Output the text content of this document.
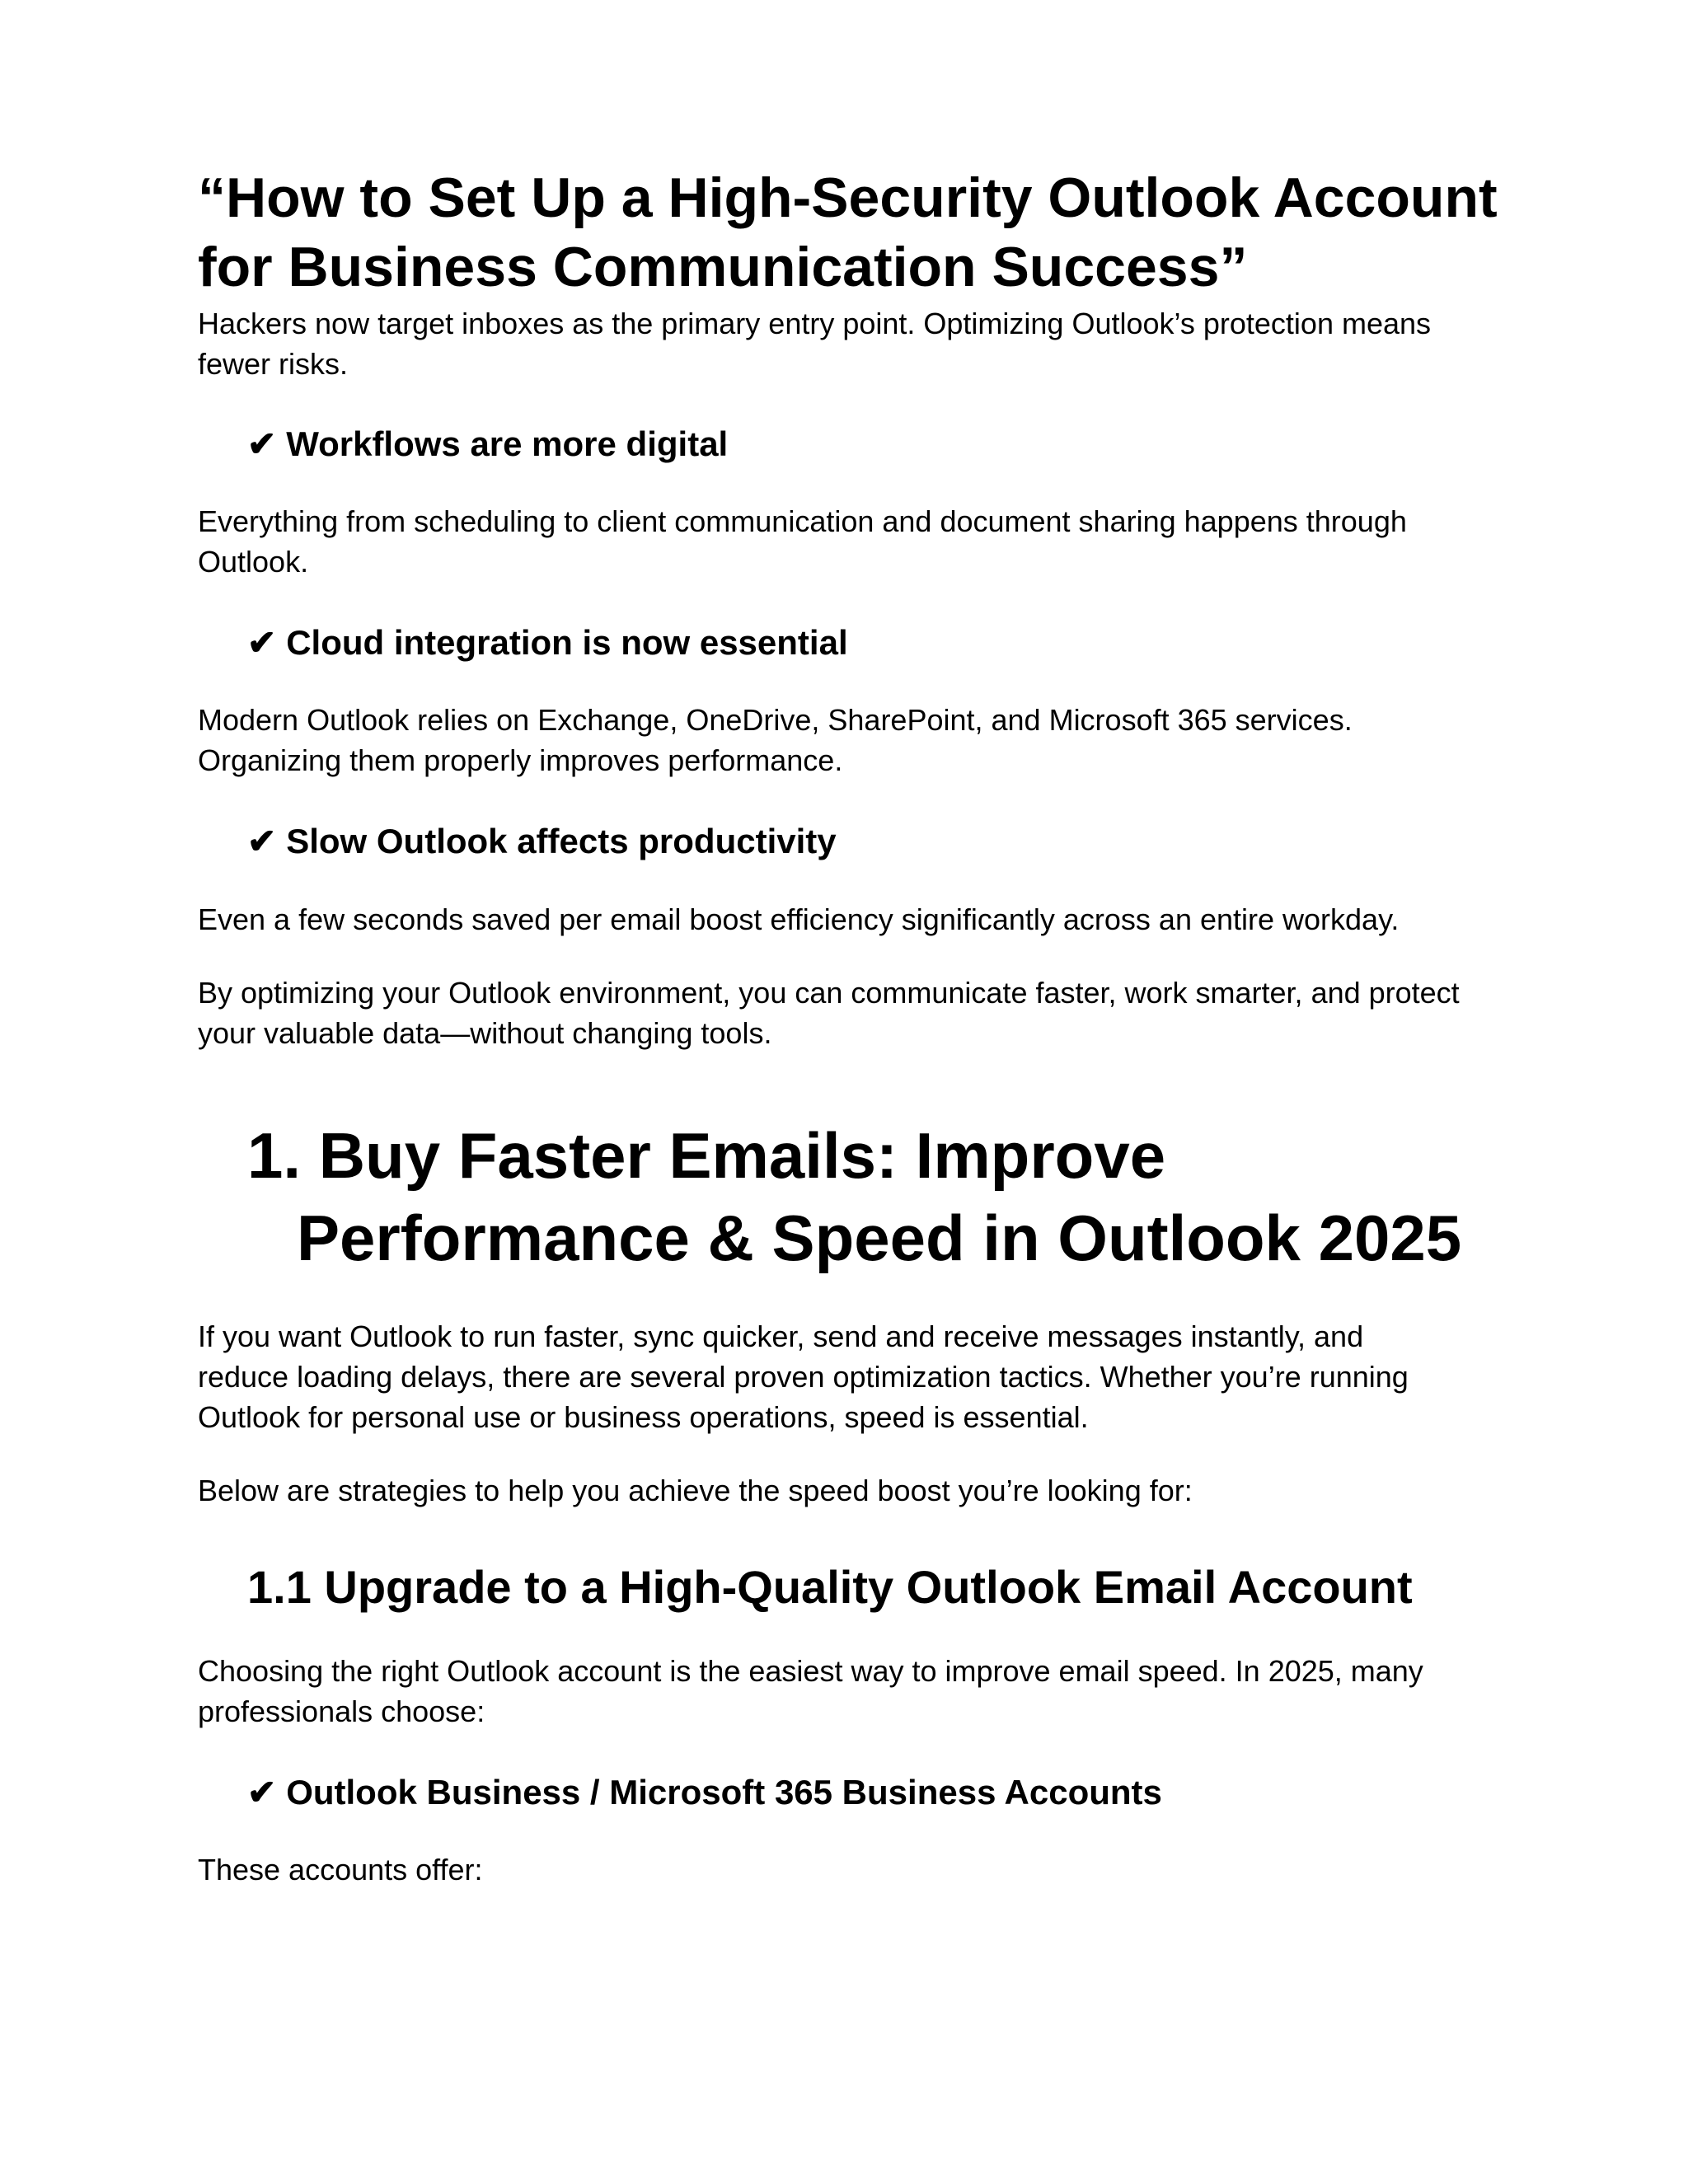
“How to Set Up a High-Security Outlook Account
for Business Communication Success”

Hackers now target inboxes as the primary entry point. Optimizing Outlook’s protection means
fewer risks.

✔ Workflows are more digital

Everything from scheduling to client communication and document sharing happens through
Outlook.

✔ Cloud integration is now essential

Modern Outlook relies on Exchange, OneDrive, SharePoint, and Microsoft 365 services.
Organizing them properly improves performance.

✔ Slow Outlook affects productivity

Even a few seconds saved per email boost efficiency significantly across an entire workday.

By optimizing your Outlook environment, you can communicate faster, work smarter, and protect
your valuable data—without changing tools.

1. Buy Faster Emails: Improve
Performance & Speed in Outlook 2025

If you want Outlook to run faster, sync quicker, send and receive messages instantly, and
reduce loading delays, there are several proven optimization tactics. Whether you’re running
Outlook for personal use or business operations, speed is essential.

Below are strategies to help you achieve the speed boost you’re looking for:

1.1 Upgrade to a High-Quality Outlook Email Account

Choosing the right Outlook account is the easiest way to improve email speed. In 2025, many
professionals choose:

✔ Outlook Business / Microsoft 365 Business Accounts

These accounts offer:
